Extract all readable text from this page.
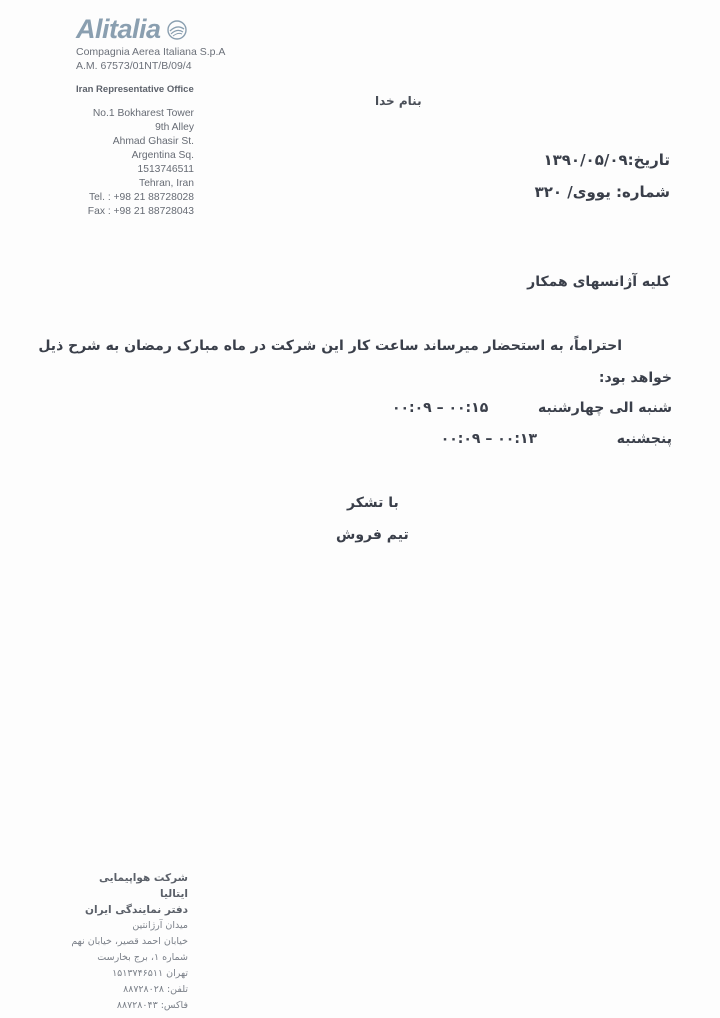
Alitalia
Compagnia Aerea Italiana S.p.A
A.M. 67573/01NT/B/09/4
Iran Representative Office
No.1 Bokharest Tower
9th Alley
Ahmad Ghasir St.
Argentina Sq.
1513746511
Tehran, Iran
Tel. : +98 21 88728028
Fax : +98 21 88728043
بنام خدا
تاریخ:۱۳۹۰/۰۵/۰۹
شماره: یووی/ ۳۲۰
کلیه آژانسهای همکار
احتراماً، به استحضار میرساند ساعت کار این شرکت در ماه مبارک رمضان به شرح ذیل
خواهد بود:
شنبه الی چهارشنبه  ۰۰:۱۵ – ۰۰:۰۹
پنجشنبه  ۰۰:۱۳ – ۰۰:۰۹
با تشکر
تیم فروش
شرکت هواپیمایی ایتالیا
دفتر نمایندگی ایران
میدان آرژانتین
خیابان احمد قصیر، خیابان نهم
شماره ۱، برج بخارست
تهران ۱۵۱۳۷۴۶۵۱۱
تلفن: ۸۸۷۲۸۰۲۸
فاکس: ۸۸۷۲۸۰۴۳
